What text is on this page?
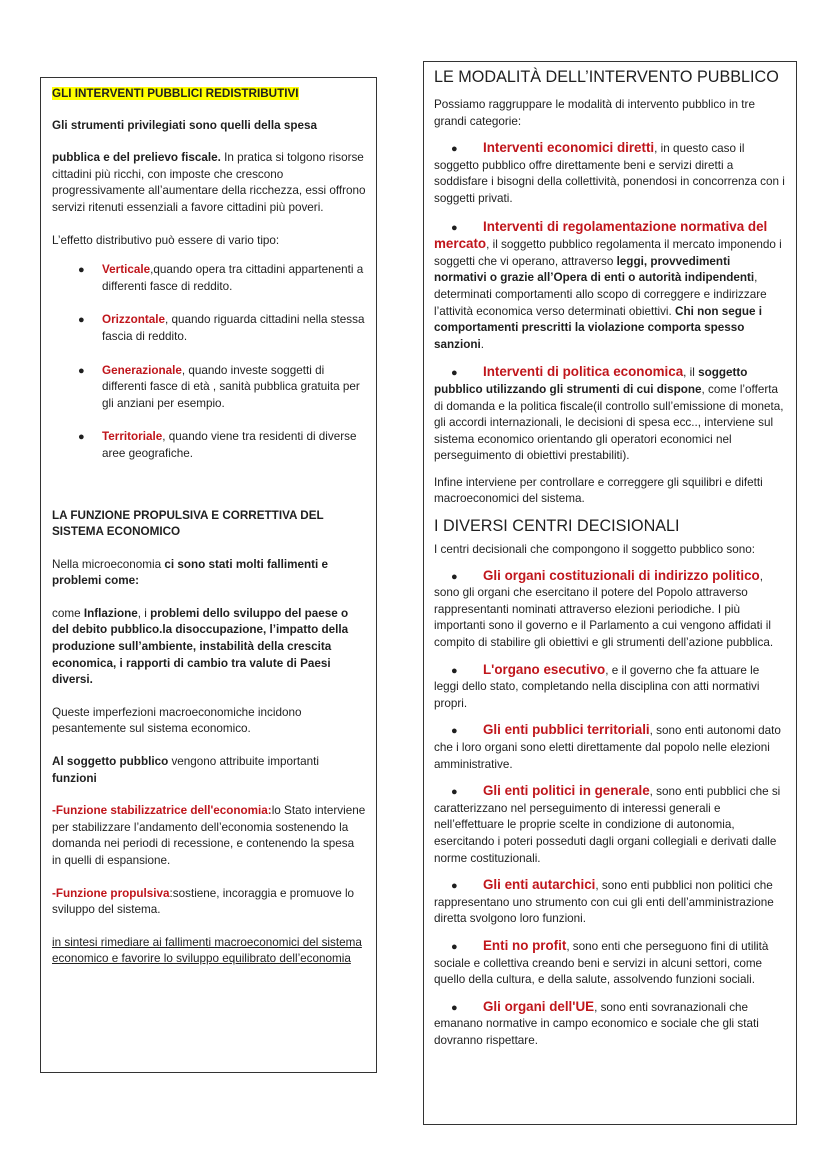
GLI INTERVENTI PUBBLICI REDISTRIBUTIVI

Gli strumenti privilegiati sono quelli della spesa

pubblica e del prelievo fiscale. In pratica si tolgono risorse cittadini più ricchi, con imposte che crescono progressivamente all’aumentare della ricchezza, essi offrono servizi ritenuti essenziali a favore cittadini più poveri.

L’effetto distributivo può essere di vario tipo:

● Verticale,quando opera tra cittadini appartenenti a differenti fasce di reddito.
● Orizzontale, quando riguarda cittadini nella stessa fascia di reddito.
● Generazionale, quando investe soggetti di differenti fasce di età , sanità pubblica gratuita per gli anziani per esempio.
● Territoriale, quando viene tra residenti di diverse aree geografiche.

LA FUNZIONE PROPULSIVA E CORRETTIVA DEL SISTEMA ECONOMICO

Nella microeconomia ci sono stati molti fallimenti e problemi come:

come Inflazione, i problemi dello sviluppo del paese o del debito pubblico.la disoccupazione, l’impatto della produzione sull’ambiente, instabilità della crescita economica, i rapporti di cambio tra valute di Paesi diversi.

Queste imperfezioni macroeconomiche incidono pesantemente sul sistema economico.

Al soggetto pubblico vengono attribuite importanti funzioni

-Funzione stabilizzatrice dell'economia:lo Stato interviene per stabilizzare l’andamento dell’economia sostenendo la domanda nei periodi di recessione, e contenendo la spesa in quelli di espansione.

-Funzione propulsiva:sostiene, incoraggia e promuove lo sviluppo del sistema.

in sintesi rimediare ai fallimenti macroeconomici del sistema economico e favorire lo sviluppo equilibrato dell’economia

LE MODALITÀ DELL’INTERVENTO PUBBLICO

Possiamo raggruppare le modalità di intervento pubblico in tre grandi categorie:

● Interventi economici diretti, in questo caso il soggetto pubblico offre direttamente beni e servizi diretti a soddisfare i bisogni della collettività, ponendosi in concorrenza con i soggetti privati.

● Interventi di regolamentazione normativa del mercato, il soggetto pubblico regolamenta il mercato imponendo i soggetti che vi operano, attraverso leggi, provvedimenti normativi o grazie all’Opera di enti o autorità indipendenti, determinati comportamenti allo scopo di correggere e indirizzare l’attività economica verso determinati obiettivi. Chi non segue i comportamenti prescritti la violazione comporta spesso sanzioni.

● Interventi di politica economica, il soggetto pubblico utilizzando gli strumenti di cui dispone, come l’offerta di domanda e la politica fiscale(il controllo sull’emissione di moneta, gli accordi internazionali, le decisioni di spesa ecc.., interviene sul sistema economico orientando gli operatori economici nel perseguimento di obiettivi prestabiliti).

Infine interviene per controllare e correggere gli squilibri e difetti macroeconomici del sistema.

I DIVERSI CENTRI DECISIONALI

I centri decisionali che compongono il soggetto pubblico sono:

● Gli organi costituzionali di indirizzo politico, sono gli organi che esercitano il potere del Popolo attraverso rappresentanti nominati attraverso elezioni periodiche. I più importanti sono il governo e il Parlamento a cui vengono affidati il compito di stabilire gli obiettivi e gli strumenti dell’azione pubblica.

● L'organo esecutivo, e il governo che fa attuare le leggi dello stato, completando nella disciplina con atti normativi propri.

● Gli enti pubblici territoriali, sono enti autonomi dato che i loro organi sono eletti direttamente dal popolo nelle elezioni amministrative.

● Gli enti politici in generale, sono enti pubblici che si caratterizzano nel perseguimento di interessi generali e nell’effettuare le proprie scelte in condizione di autonomia, esercitando i poteri posseduti dagli organi collegiali e derivati dalle norme costituzionali.

● Gli enti autarchici, sono enti pubblici non politici che rappresentano uno strumento con cui gli enti dell’amministrazione diretta svolgono loro funzioni.

● Enti no profit, sono enti che perseguono fini di utilità sociale e collettiva creando beni e servizi in alcuni settori, come quello della cultura, e della salute, assolvendo funzioni sociali.

● Gli organi dell'UE, sono enti sovranazionali che emanano normative in campo economico e sociale che gli stati dovranno rispettare.
